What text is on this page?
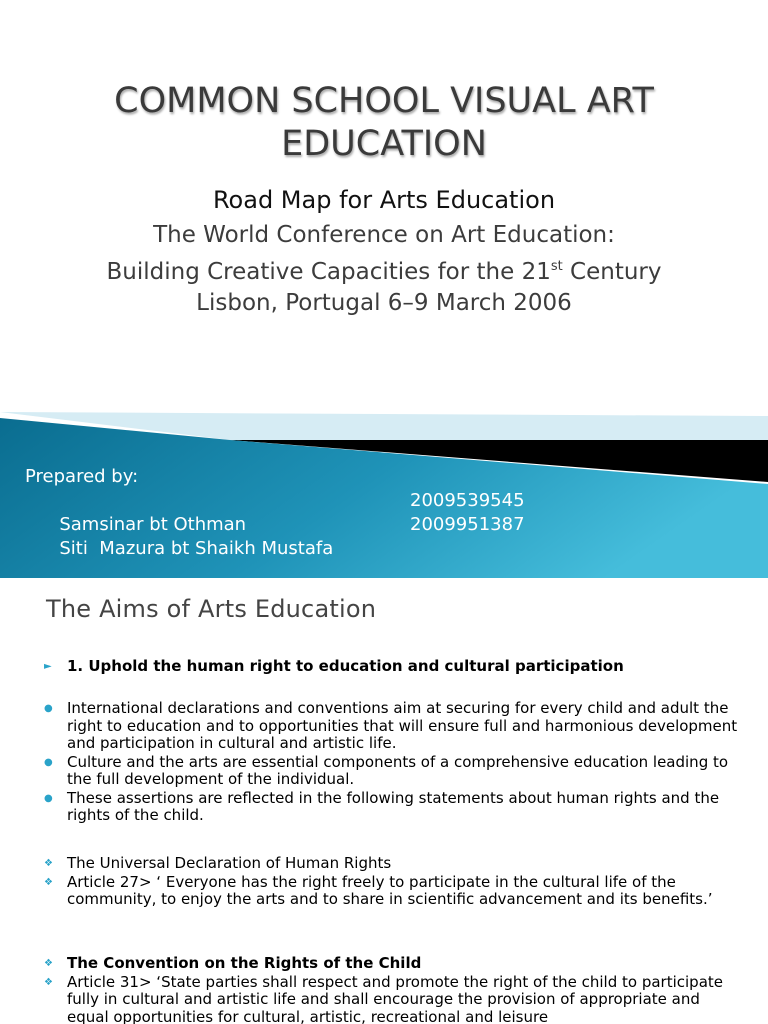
COMMON SCHOOL VISUAL ART
EDUCATION
Road Map for Arts Education
The World Conference on Art Education:
Building Creative Capacities for the 21st Century
Lisbon, Portugal 6–9 March 2006
Prepared by:

Samsinar bt Othman

2009539545

Siti  Mazura bt Shaikh Mustafa

2009951387

The Aims of Arts Education
► 1. Uphold the human right to education and cultural participation
● International declarations and conventions aim at securing for every child and adult the right to education and to opportunities that will ensure full and harmonious development and participation in cultural and artistic life.
● Culture and the arts are essential components of a comprehensive education leading to the full development of the individual.
● These assertions are reflected in the following statements about human rights and the rights of the child.
❖ The Universal Declaration of Human Rights
❖ Article 27> ‘ Everyone has the right freely to participate in the cultural life of the community, to enjoy the arts and to share in scientific advancement and its benefits.’
❖ The Convention on the Rights of the Child
❖ Article 31> ‘State parties shall respect and promote the right of the child to participate fully in cultural and artistic life and shall encourage the provision of appropriate and equal opportunities for cultural, artistic, recreational and leisure
